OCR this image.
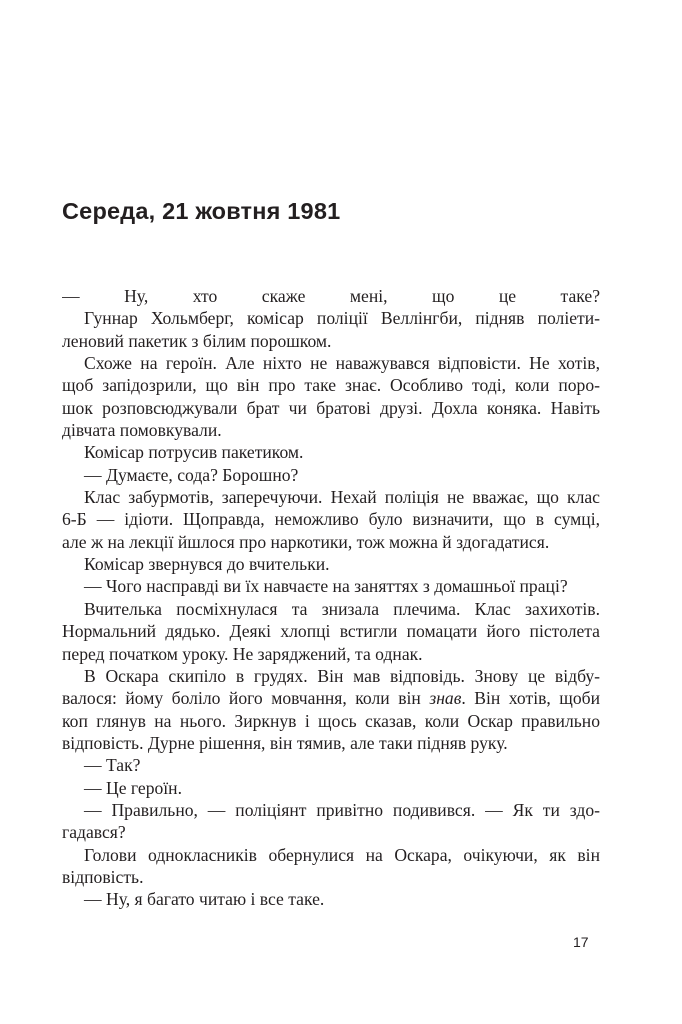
Середа, 21 жовтня 1981
— Ну, хто скаже мені, що це таке?
Гуннар Хольмберг, комісар поліції Веллінгби, підняв поліети-
леновий пакетик з білим порошком.
Схоже на героїн. Але ніхто не наважувався відповісти. Не хотів,
щоб запідозрили, що він про таке знає. Особливо тоді, коли поро-
шок розповсюджували брат чи братові друзі. Дохла коняка. Навіть
дівчата помовкували.
Комісар потрусив пакетиком.
— Думаєте, сода? Борошно?
Клас забурмотів, заперечуючи. Нехай поліція не вважає, що клас
6-Б — ідіоти. Щоправда, неможливо було визначити, що в сумці,
але ж на лекції йшлося про наркотики, тож можна й здогадатися.
Комісар звернувся до вчительки.
— Чого насправді ви їх навчаєте на заняттях з домашньої праці?
Вчителька посміхнулася та знизала плечима. Клас захихотів.
Нормальний дядько. Деякі хлопці встигли помацати його пістолета
перед початком уроку. Не заряджений, та однак.
В Оскара скипіло в грудях. Він мав відповідь. Знову це відбу-
валося: йому боліло його мовчання, коли він знав. Він хотів, щоби
коп глянув на нього. Зиркнув і щось сказав, коли Оскар правильно
відповість. Дурне рішення, він тямив, але таки підняв руку.
— Так?
— Це героїн.
— Правильно, — поліціянт привітно подивився. — Як ти здо-
гадався?
Голови однокласників обернулися на Оскара, очікуючи, як він
відповість.
— Ну, я багато читаю і все таке.
17
